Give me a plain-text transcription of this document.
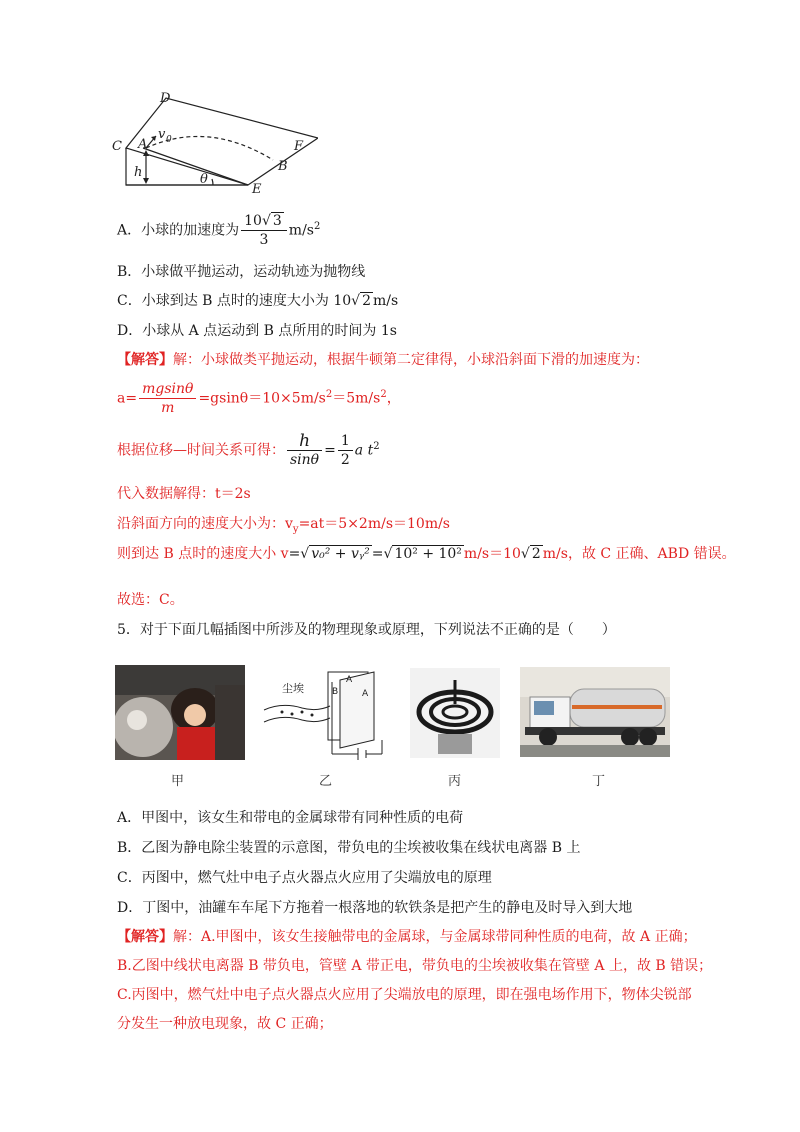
D
C A
v 0	F
B
h	θ
E
A．小球的加速度为 $\frac{10√ 3}{3} m/s^2$
B．小球做平抛运动，运动轨迹为抛物线
C．小球到达 B 点时的速度大小为 10√ 2 m/s
D．小球从 A 点运动到 B 点所用的时间为 1s
【解答】解：小球做类平抛运动，根据牛顿第二定律得，小球沿斜面下滑的加速度为：
$a= \frac{mgsin\theta}{m} =gsin\theta=10\times 5m/s^2=5m/s^2$，
根据位移—时间关系可得： $\frac{h}{\sin\theta} = \frac{1}{2}$ a $t^2$
代入数据解得：t＝2s
沿斜面方向的速度大小为：$v_y=at=5\times 2m/s=10m/s$
则到达 B 点时的速度大小 v=√ v₀² + vᵧ² =√ 10² + 10² m/s＝10√ 2 m/s，故 C 正确、ABD 错误。
故选：C。
5．对于下面几幅插图中所涉及的物理现象或原理，下列说法不正确的是（　　）
甲
尘埃
A
B	A
乙	丙	丁
A．甲图中，该女生和带电的金属球带有同种性质的电荷
B．乙图为静电除尘装置的示意图，带负电的尘埃被收集在线状电离器 B 上
C．丙图中，燃气灶中电子点火器点火应用了尖端放电的原理
D．丁图中，油罐车车尾下方拖着一根落地的软铁条是把产生的静电及时导入到大地
【解答】解：A.甲图中，该女生接触带电的金属球，与金属球带同种性质的电荷，故 A 正确；
B.乙图中线状电离器 B 带负电，管壁 A 带正电，带负电的尘埃被收集在管壁 A 上，故 B 错误；
C.丙图中，燃气灶中电子点火器点火应用了尖端放电的原理，即在强电场作用下，物体尖锐部
分发生一种放电现象，故 C 正确；
